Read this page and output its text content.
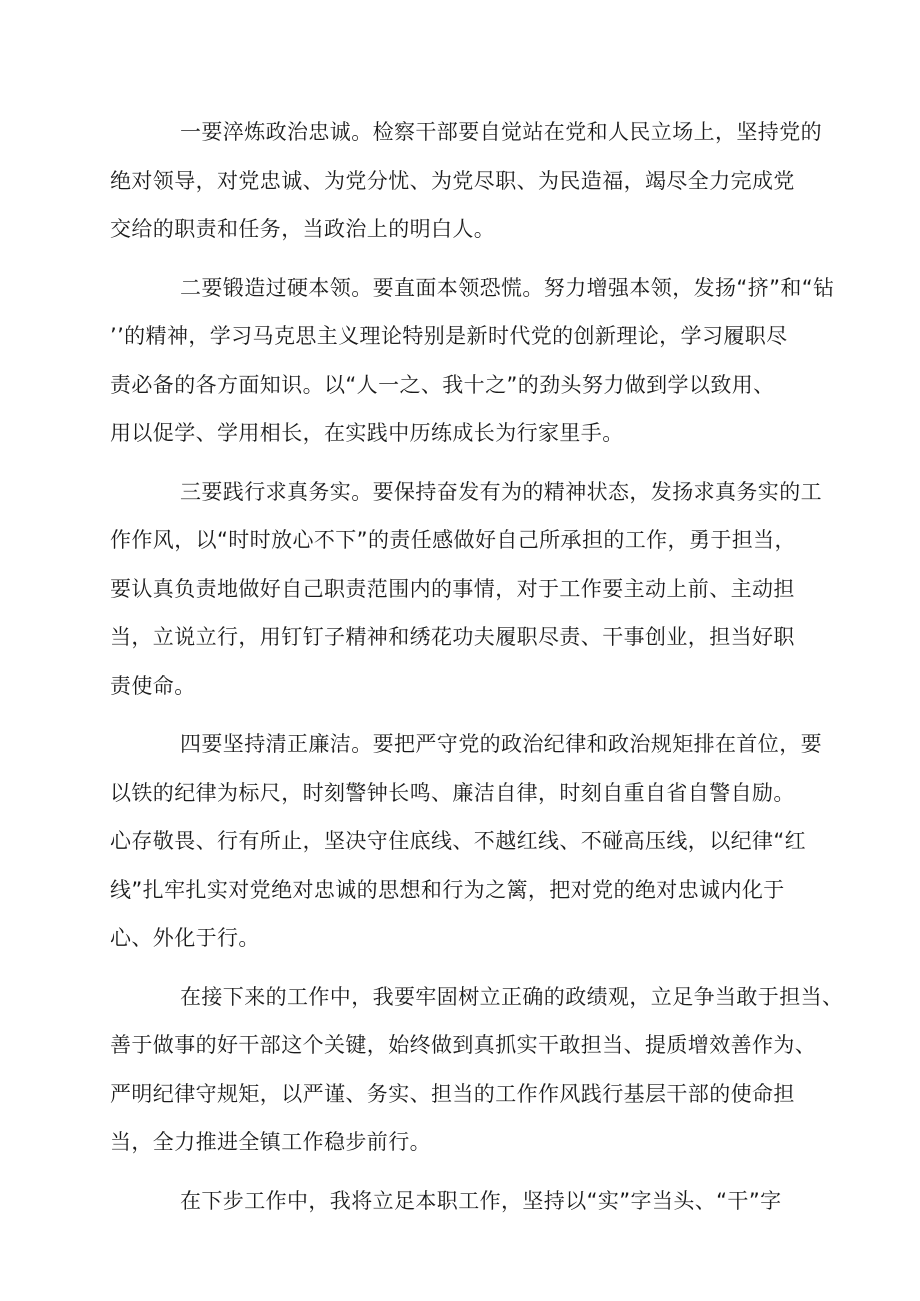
一要淬炼政治忠诚。检察干部要自觉站在党和人民立场上，坚持党的
绝对领导，对党忠诚、为党分忧、为党尽职、为民造福，竭尽全力完成党
交给的职责和任务，当政治上的明白人。

二要锻造过硬本领。要直面本领恐慌。努力增强本领，发扬“挤”和“钻
’’的精神，学习马克思主义理论特别是新时代党的创新理论，学习履职尽
责必备的各方面知识。以“人一之、我十之”的劲头努力做到学以致用、
用以促学、学用相长，在实践中历练成长为行家里手。

三要践行求真务实。要保持奋发有为的精神状态，发扬求真务实的工
作作风，以“时时放心不下”的责任感做好自己所承担的工作，勇于担当，
要认真负责地做好自己职责范围内的事情，对于工作要主动上前、主动担
当，立说立行，用钉钉子精神和绣花功夫履职尽责、干事创业，担当好职
责使命。

四要坚持清正廉洁。要把严守党的政治纪律和政治规矩排在首位，要
以铁的纪律为标尺，时刻警钟长鸣、廉洁自律，时刻自重自省自警自励。
心存敬畏、行有所止，坚决守住底线、不越红线、不碰高压线，以纪律“红
线”扎牢扎实对党绝对忠诚的思想和行为之篱，把对党的绝对忠诚内化于
心、外化于行。

在接下来的工作中，我要牢固树立正确的政绩观，立足争当敢于担当、
善于做事的好干部这个关键，始终做到真抓实干敢担当、提质增效善作为、
严明纪律守规矩，以严谨、务实、担当的工作作风践行基层干部的使命担
当，全力推进全镇工作稳步前行。

在下步工作中，我将立足本职工作，坚持以“实”字当头、“干”字
